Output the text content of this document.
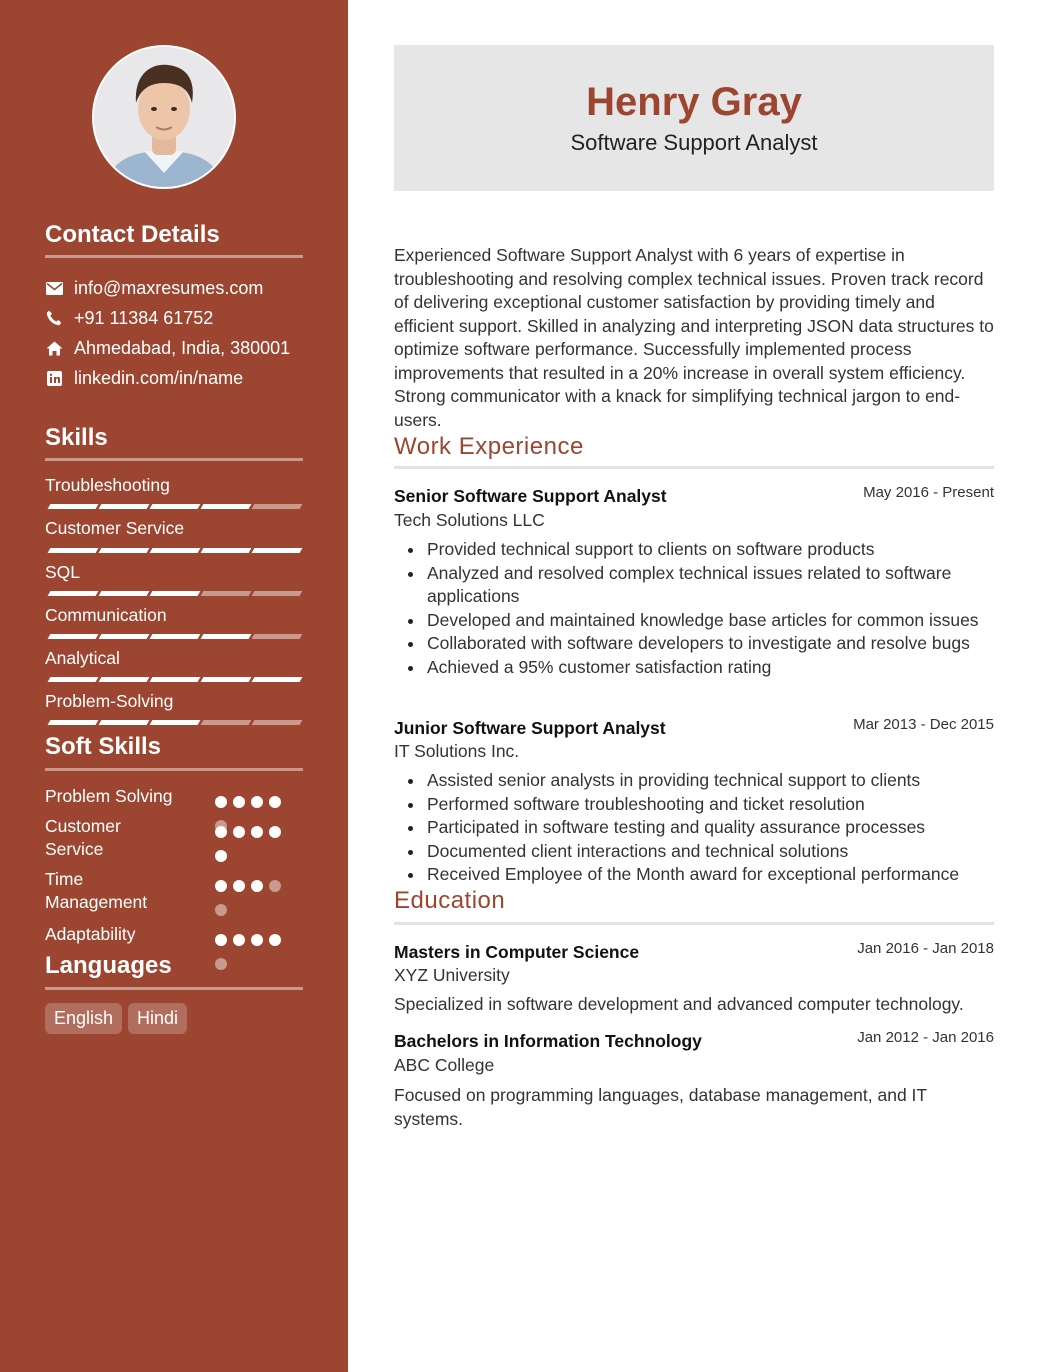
Contact Details
info@maxresumes.com
+91 11384 61752
Ahmedabad, India, 380001
linkedin.com/in/name
Skills
Troubleshooting
Customer Service
SQL
Communication
Analytical
Problem-Solving
Soft Skills
Problem Solving
Customer Service
Time Management
Adaptability
Languages
English	Hindi
Henry Gray
Software Support Analyst

Experienced Software Support Analyst with 6 years of expertise in troubleshooting and resolving complex technical issues. Proven track record of delivering exceptional customer satisfaction by providing timely and efficient support. Skilled in analyzing and interpreting JSON data structures to optimize software performance. Successfully implemented process improvements that resulted in a 20% increase in overall system efficiency. Strong communicator with a knack for simplifying technical jargon to end-users.

Work Experience
Senior Software Support Analyst	May 2016 - Present
Tech Solutions LLC
Provided technical support to clients on software products
Analyzed and resolved complex technical issues related to software applications
Developed and maintained knowledge base articles for common issues
Collaborated with software developers to investigate and resolve bugs
Achieved a 95% customer satisfaction rating
Junior Software Support Analyst	Mar 2013 - Dec 2015
IT Solutions Inc.
Assisted senior analysts in providing technical support to clients
Performed software troubleshooting and ticket resolution
Participated in software testing and quality assurance processes
Documented client interactions and technical solutions
Received Employee of the Month award for exceptional performance
Education
Masters in Computer Science	Jan 2016 - Jan 2018
XYZ University
Specialized in software development and advanced computer technology.
Bachelors in Information Technology	Jan 2012 - Jan 2016
ABC College
Focused on programming languages, database management, and IT systems.
